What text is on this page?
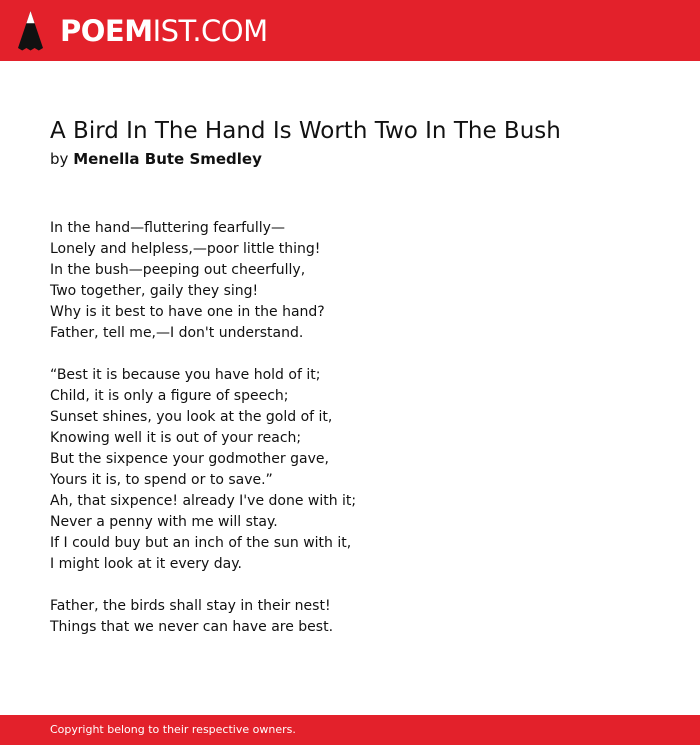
POEMIST.COM
A Bird In The Hand Is Worth Two In The Bush
by Menella Bute Smedley
In the hand—fluttering fearfully—
Lonely and helpless,—poor little thing!
In the bush—peeping out cheerfully,
Two together, gaily they sing!
Why is it best to have one in the hand?
Father, tell me,—I don't understand.
“Best it is because you have hold of it;
Child, it is only a figure of speech;
Sunset shines, you look at the gold of it,
Knowing well it is out of your reach;
But the sixpence your godmother gave,
Yours it is, to spend or to save.”
Ah, that sixpence! already I've done with it;
Never a penny with me will stay.
If I could buy but an inch of the sun with it,
I might look at it every day.
Father, the birds shall stay in their nest!
Things that we never can have are best.
Copyright belong to their respective owners.
